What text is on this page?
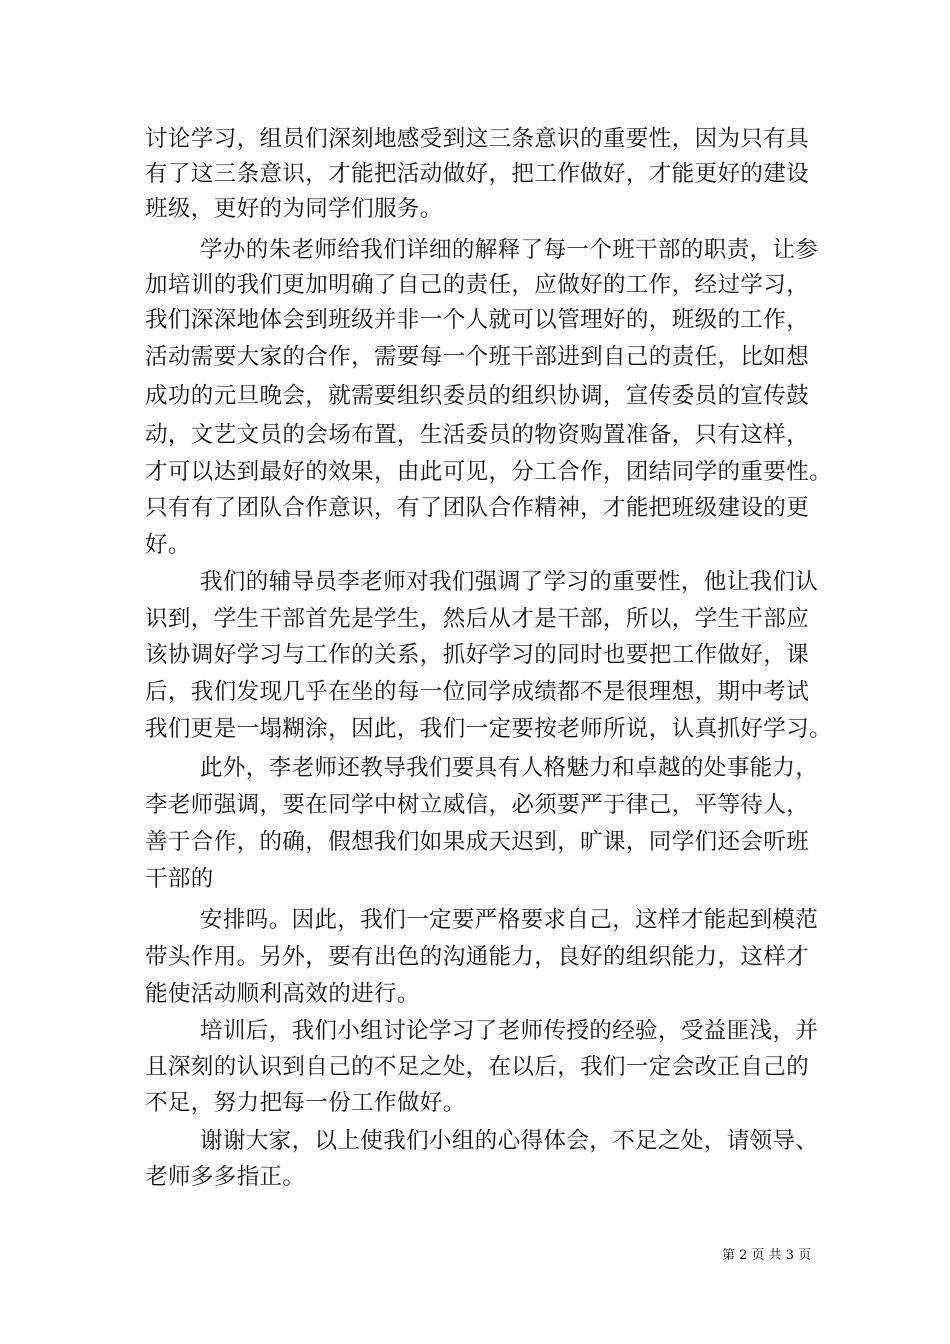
讨论学习，组员们深刻地感受到这三条意识的重要性，因为只有具
有了这三条意识，才能把活动做好，把工作做好，才能更好的建设
班级，更好的为同学们服务。
学办的朱老师给我们详细的解释了每一个班干部的职责，让参
加培训的我们更加明确了自己的责任，应做好的工作，经过学习，
我们深深地体会到班级并非一个人就可以管理好的，班级的工作，
活动需要大家的合作，需要每一个班干部进到自己的责任，比如想
成功的元旦晚会，就需要组织委员的组织协调，宣传委员的宣传鼓
动，文艺文员的会场布置，生活委员的物资购置准备，只有这样，
才可以达到最好的效果，由此可见，分工合作，团结同学的重要性。
只有有了团队合作意识，有了团队合作精神，才能把班级建设的更
好。
我们的辅导员李老师对我们强调了学习的重要性，他让我们认
识到，学生干部首先是学生，然后从才是干部，所以，学生干部应
该协调好学习与工作的关系，抓好学习的同时也要把工作做好，课
后，我们发现几乎在坐的每一位同学成绩都不是很理想，期中考试
我们更是一塌糊涂，因此，我们一定要按老师所说，认真抓好学习。
此外，李老师还教导我们要具有人格魅力和卓越的处事能力，
李老师强调，要在同学中树立威信，必须要严于律己，平等待人，
善于合作，的确，假想我们如果成天迟到，旷课，同学们还会听班
干部的
安排吗。因此，我们一定要严格要求自己，这样才能起到模范
带头作用。另外，要有出色的沟通能力，良好的组织能力，这样才
能使活动顺利高效的进行。
培训后，我们小组讨论学习了老师传授的经验，受益匪浅，并
且深刻的认识到自己的不足之处，在以后，我们一定会改正自己的
不足，努力把每一份工作做好。
谢谢大家，以上使我们小组的心得体会，不足之处，请领导、
老师多多指正。
第 2 页 共 3 页
